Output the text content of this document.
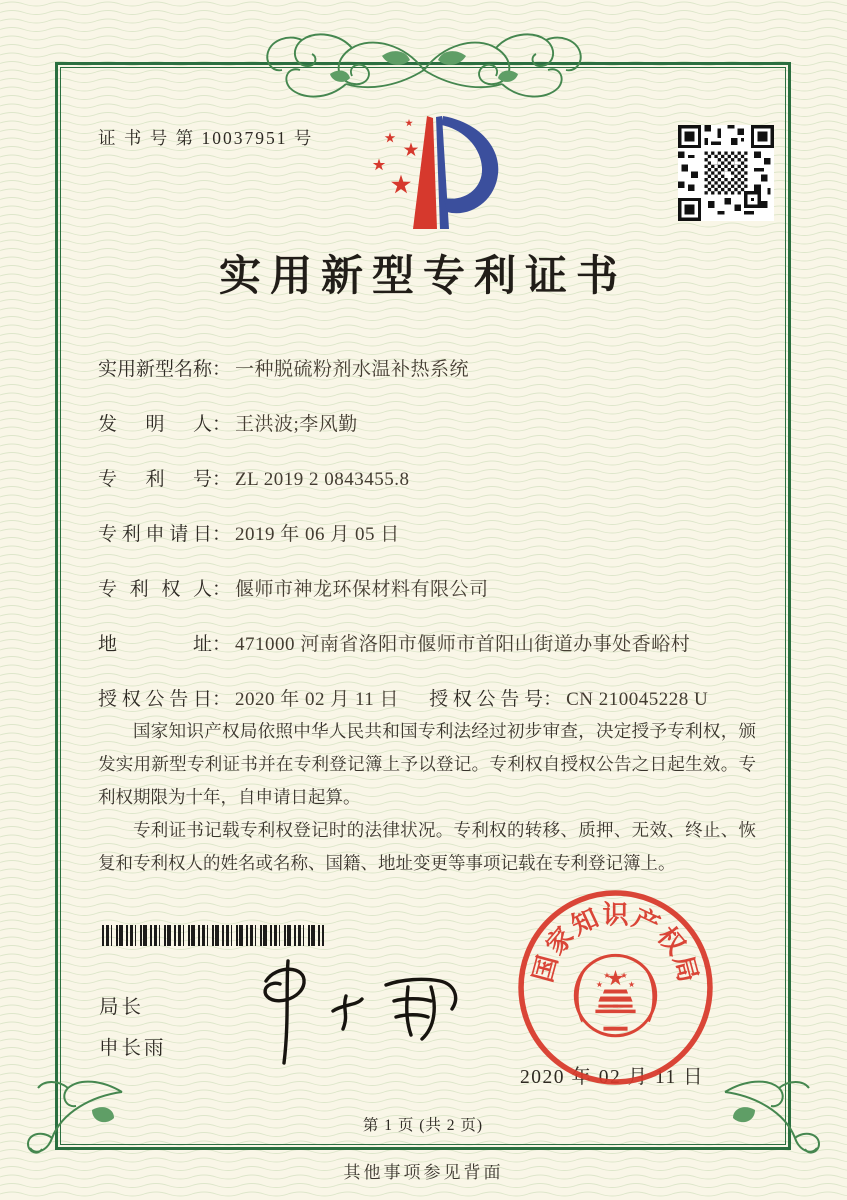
证 书 号 第 10037951 号
实用新型专利证书
实用新型名称 ： 一种脱硫粉剂水温补热系统
发明人 ： 王洪波;李风勤
专利号 ： ZL 2019 2 0843455.8
专利申请日 ： 2019 年 06 月 05 日
专利权人 ： 偃师市神龙环保材料有限公司
地址 ： 471000 河南省洛阳市偃师市首阳山街道办事处香峪村
授权公告日 ： 2020 年 02 月 11 日 授权公告号 ： CN 210045228 U

国家知识产权局依照中华人民共和国专利法经过初步审查，决定授予专利权，颁发实用新型专利证书并在专利登记簿上予以登记。专利权自授权公告之日起生效。专利权期限为十年，自申请日起算。

专利证书记载专利权登记时的法律状况。专利权的转移、质押、无效、终止、恢复和专利权人的姓名或名称、国籍、地址变更等事项记载在专利登记簿上。

局长
申长雨
2020 年 02 月 11 日
国
家
知 识 产
权
局
第 1 页 (共 2 页)
其他事项参见背面
